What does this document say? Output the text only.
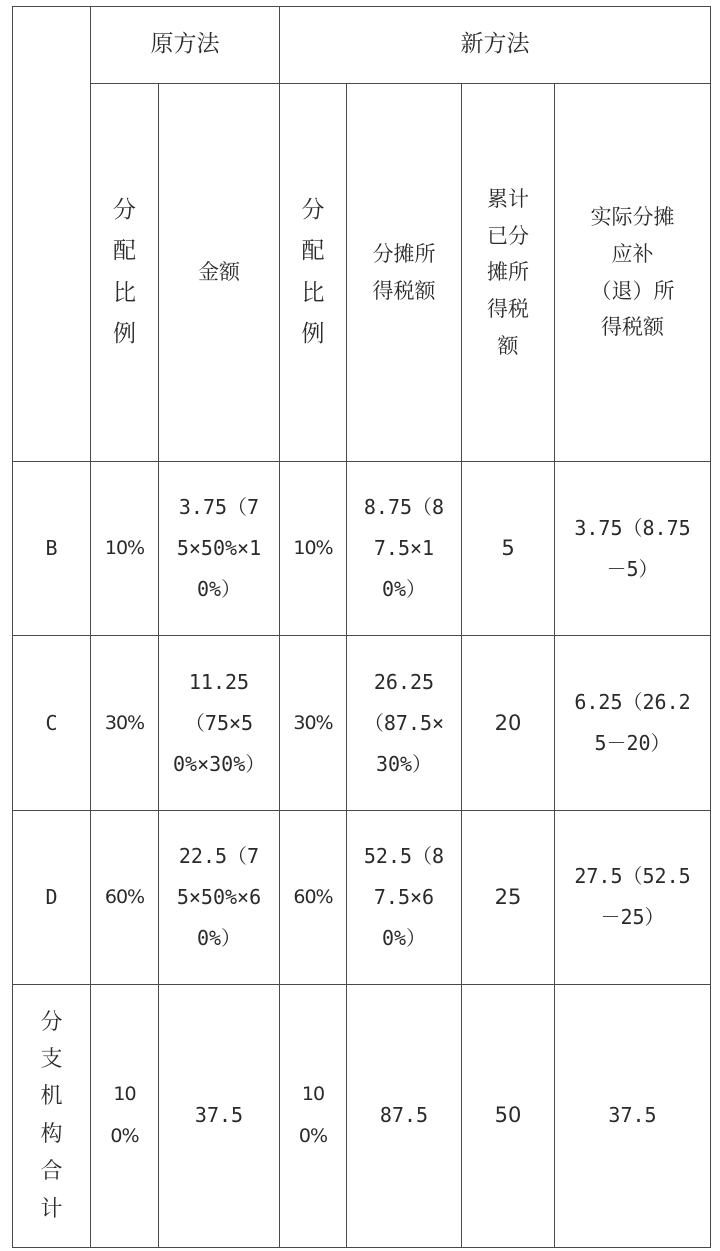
	原方法		新方法			

	分配比例	金额	分配比例	分摊所得税额	累计已分摊所得税额	实际分摊应补（退）所得税额

B	10%	3.75（75×50%×10%）	10%	8.75（87.5×10%）	5	3.75（8.75－5）

C	30%	11.25（75×50%×30%）	30%	26.25（87.5×30%）	20	6.25（26.25－20）

D	60%	22.5（75×50%×60%）	60%	52.5（87.5×60%）	25	27.5（52.5－25）

分支机构合计	100%	37.5	100%	87.5	50	37.5
